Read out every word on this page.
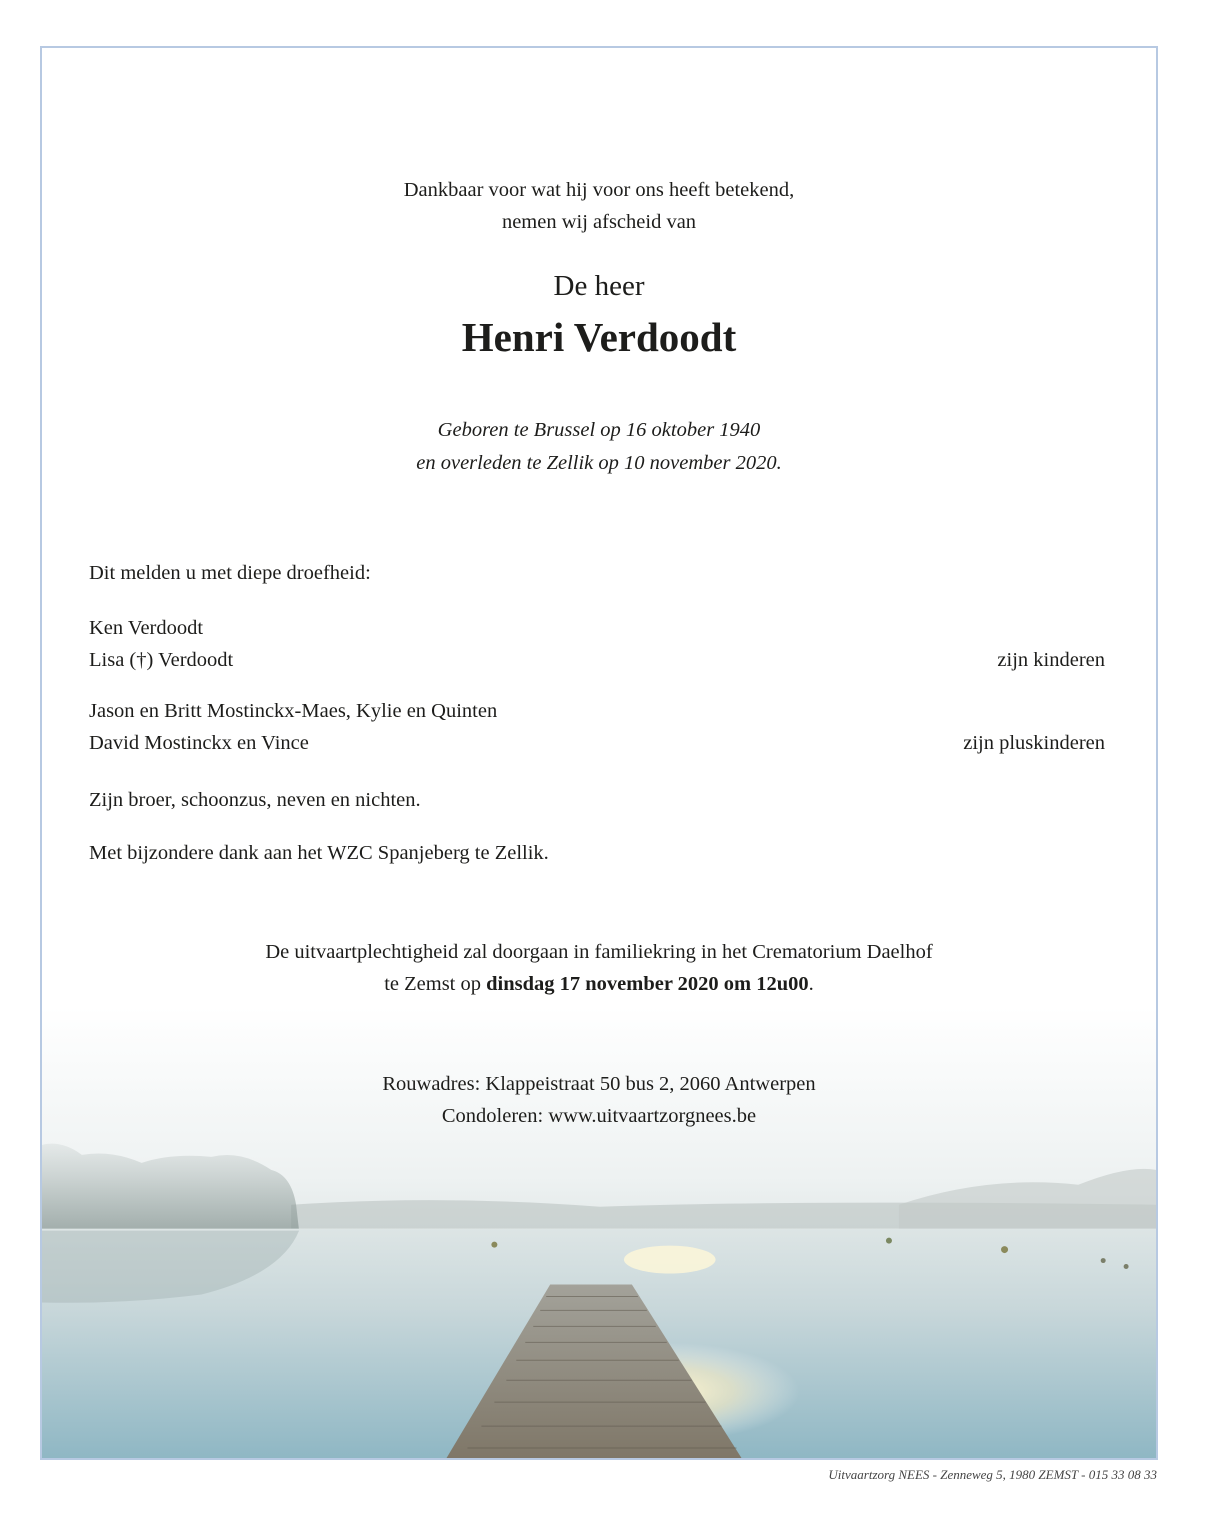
Dankbaar voor wat hij voor ons heeft betekend,
nemen wij afscheid van
De heer
Henri Verdoodt
Geboren te Brussel op 16 oktober 1940
en overleden te Zellik op 10 november 2020.
Dit melden u met diepe droefheid:
Ken Verdoodt
Lisa (†) Verdoodt	zijn kinderen
Jason en Britt Mostinckx-Maes, Kylie en Quinten
David Mostinckx en Vince	zijn pluskinderen
Zijn broer, schoonzus, neven en nichten.
Met bijzondere dank aan het WZC Spanjeberg te Zellik.
De uitvaartplechtigheid zal doorgaan in familiekring in het Crematorium Daelhof
te Zemst op dinsdag 17 november 2020 om 12u00.
Rouwadres: Klappeistraat 50 bus 2, 2060 Antwerpen
Condoleren: www.uitvaartzorgnees.be
Uitvaartzorg NEES - Zenneweg 5, 1980 ZEMST - 015 33 08 33
